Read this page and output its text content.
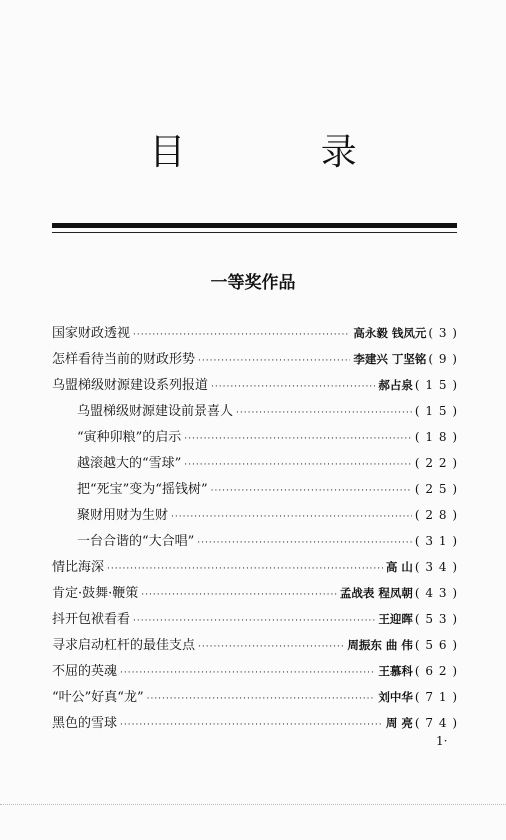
目 录
一等奖作品
国家财政透视 ·····	高永毅 钱凤元 ( 3 )
怎样看待当前的财政形势 ·····	李建兴 丁坚铭 ( 9 )
乌盟梯级财源建设系列报道 ·····	郝占泉 ( 1 5 )
乌盟梯级财源建设前景喜人 ·····	( 1 5 )
“寅种卯粮”的启示 ·····	( 1 8 )
越滚越大的“雪球” ·····	( 2 2 )
把“死宝”变为“摇钱树” ·····	( 2 5 )
聚财用财为生财 ·····	( 2 8 )
一台合谐的“大合唱” ·····	( 3 1 )
情比海深 ·····	高 山 ( 3 4 )
肯定·鼓舞·鞭策 ·····	孟战表 程凤朝 ( 4 3 )
抖开包袱看看 ·····	王迎晖 ( 5 3 )
寻求启动杠杆的最佳支点 ·····	周振东 曲 伟 ( 5 6 )
不屈的英魂 ·····	王慕科 ( 6 2 )
“叶公”好真“龙” ·····	刘中华 ( 7 1 )
黑色的雪球 ·····	周 亮 ( 7 4 )
1·
